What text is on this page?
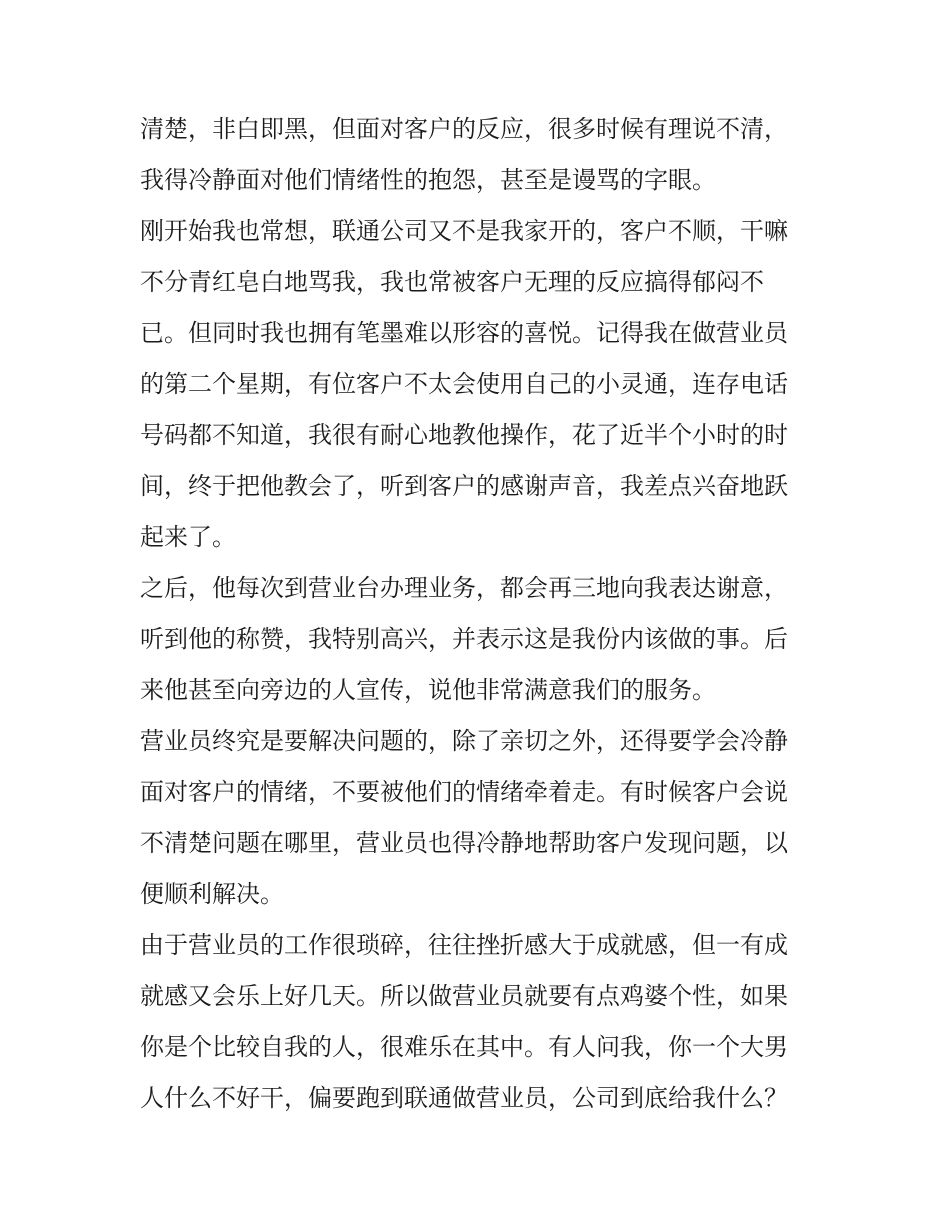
清楚，非白即黑，但面对客户的反应，很多时候有理说不清，
我得冷静面对他们情绪性的抱怨，甚至是谩骂的字眼。
刚开始我也常想，联通公司又不是我家开的，客户不顺，干嘛
不分青红皂白地骂我，我也常被客户无理的反应搞得郁闷不
已。但同时我也拥有笔墨难以形容的喜悦。记得我在做营业员
的第二个星期，有位客户不太会使用自己的小灵通，连存电话
号码都不知道，我很有耐心地教他操作，花了近半个小时的时
间，终于把他教会了，听到客户的感谢声音，我差点兴奋地跃
起来了。
之后，他每次到营业台办理业务，都会再三地向我表达谢意，
听到他的称赞，我特别高兴，并表示这是我份内该做的事。后
来他甚至向旁边的人宣传，说他非常满意我们的服务。
营业员终究是要解决问题的，除了亲切之外，还得要学会冷静
面对客户的情绪，不要被他们的情绪牵着走。有时候客户会说
不清楚问题在哪里，营业员也得冷静地帮助客户发现问题，以
便顺利解决。
由于营业员的工作很琐碎，往往挫折感大于成就感，但一有成
就感又会乐上好几天。所以做营业员就要有点鸡婆个性，如果
你是个比较自我的人，很难乐在其中。有人问我，你一个大男
人什么不好干，偏要跑到联通做营业员，公司到底给我什么？
